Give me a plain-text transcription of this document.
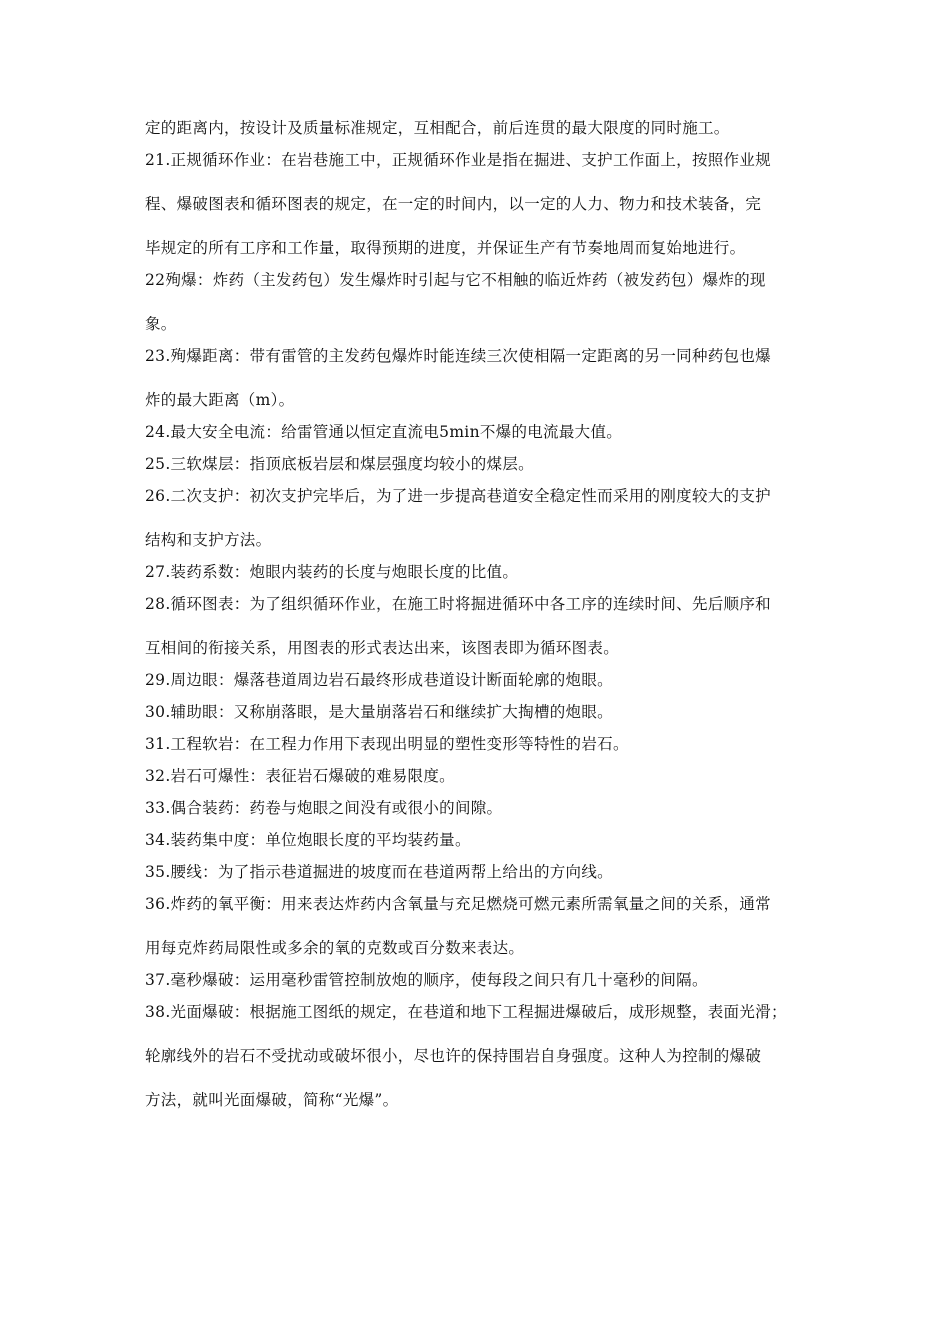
定的距离内，按设计及质量标准规定，互相配合，前后连贯的最大限度的同时施工。
21.正规循环作业：在岩巷施工中，正规循环作业是指在掘进、支护工作面上，按照作业规
程、爆破图表和循环图表的规定，在一定的时间内，以一定的人力、物力和技术装备，完
毕规定的所有工序和工作量，取得预期的进度，并保证生产有节奏地周而复始地进行。
22殉爆：炸药（主发药包）发生爆炸时引起与它不相触的临近炸药（被发药包）爆炸的现
象。
23.殉爆距离：带有雷管的主发药包爆炸时能连续三次使相隔一定距离的另一同种药包也爆
炸的最大距离（m）。
24.最大安全电流：给雷管通以恒定直流电5min不爆的电流最大值。
25.三软煤层：指顶底板岩层和煤层强度均较小的煤层。
26.二次支护：初次支护完毕后，为了进一步提高巷道安全稳定性而采用的刚度较大的支护
结构和支护方法。
27.装药系数：炮眼内装药的长度与炮眼长度的比值。
28.循环图表：为了组织循环作业，在施工时将掘进循环中各工序的连续时间、先后顺序和
互相间的衔接关系，用图表的形式表达出来，该图表即为循环图表。
29.周边眼：爆落巷道周边岩石最终形成巷道设计断面轮廓的炮眼。
30.辅助眼：又称崩落眼，是大量崩落岩石和继续扩大掏槽的炮眼。
31.工程软岩：在工程力作用下表现出明显的塑性变形等特性的岩石。
32.岩石可爆性：表征岩石爆破的难易限度。
33.偶合装药：药卷与炮眼之间没有或很小的间隙。
34.装药集中度：单位炮眼长度的平均装药量。
35.腰线：为了指示巷道掘进的坡度而在巷道两帮上给出的方向线。
36.炸药的氧平衡：用来表达炸药内含氧量与充足燃烧可燃元素所需氧量之间的关系，通常
用每克炸药局限性或多余的氧的克数或百分数来表达。
37.毫秒爆破：运用毫秒雷管控制放炮的顺序，使每段之间只有几十毫秒的间隔。
38.光面爆破：根据施工图纸的规定，在巷道和地下工程掘进爆破后，成形规整，表面光滑；
轮廓线外的岩石不受扰动或破坏很小，尽也许的保持围岩自身强度。这种人为控制的爆破
方法，就叫光面爆破，简称“光爆”。
